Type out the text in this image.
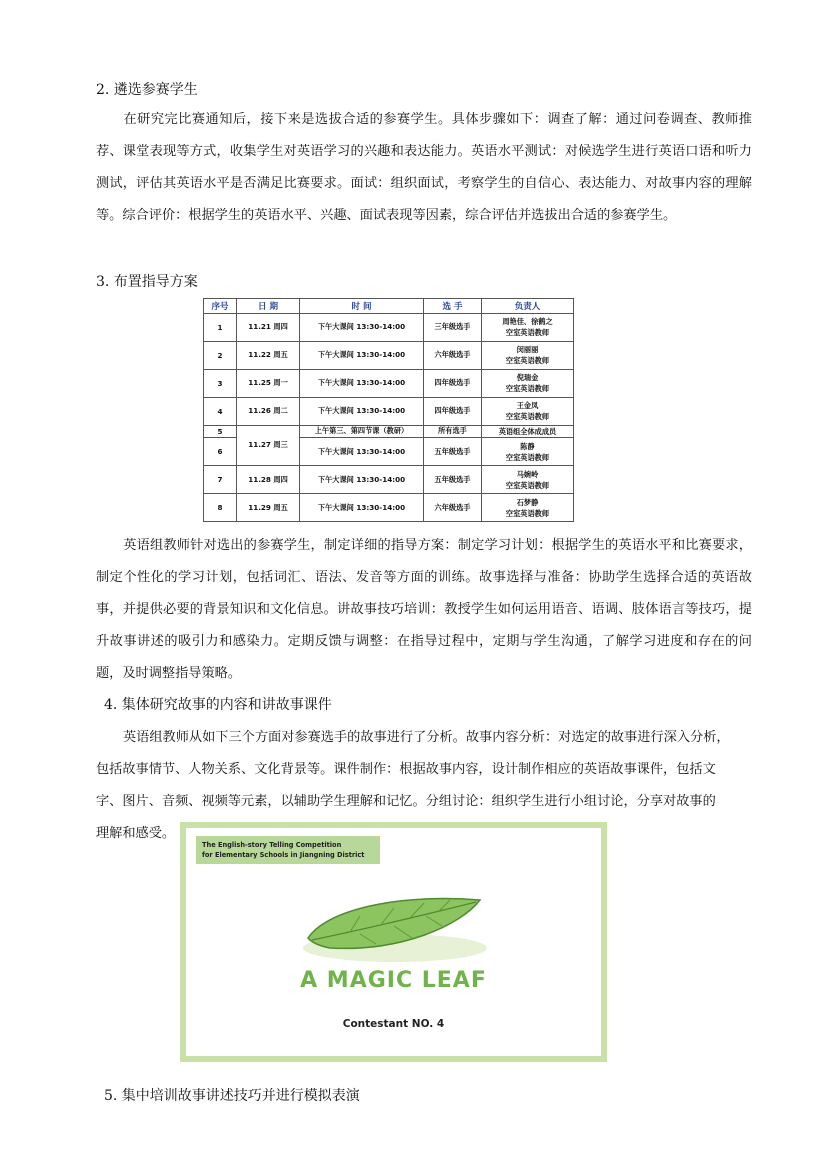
2. 遴选参赛学生

在研究完比赛通知后，接下来是选拔合适的参赛学生。具体步骤如下：调查了解：通过问卷调查、教师推荐、课堂表现等方式，收集学生对英语学习的兴趣和表达能力。英语水平测试：对候选学生进行英语口语和听力测试，评估其英语水平是否满足比赛要求。面试：组织面试，考察学生的自信心、表达能力、对故事内容的理解等。综合评价：根据学生的英语水平、兴趣、面试表现等因素，综合评估并选拔出合适的参赛学生。

3. 布置指导方案
序号	日 期	时 间	选 手	负责人
1	11.21 周四	下午大课间 13:30-14:00	三年级选手	周艳佳、徐鹤之
空室英语教师

2	11.22 周五	下午大课间 13:30-14:00	六年级选手	闵丽丽
空室英语教师

3	11.25 周一	下午大课间 13:30-14:00	四年级选手	倪瑞金
空室英语教师

4	11.26 周二	下午大课间 13:30-14:00	四年级选手	王金凤
空室英语教师

5	11.27 周三	上午第三、第四节课（教研）	所有选手	英语组全体成成员

6		下午大课间 13:30-14:00	五年级选手	陈静
空室英语教师

7	11.28 周四	下午大课间 13:30-14:00	五年级选手	马婉岭
空室英语教师

8	11.29 周五	下午大课间 13:30-14:00	六年级选手	石梦静
空室英语教师

英语组教师针对选出的参赛学生，制定详细的指导方案：制定学习计划：根据学生的英语水平和比赛要求，制定个性化的学习计划，包括词汇、语法、发音等方面的训练。故事选择与准备：协助学生选择合适的英语故事，并提供必要的背景知识和文化信息。讲故事技巧培训：教授学生如何运用语音、语调、肢体语言等技巧，提升故事讲述的吸引力和感染力。定期反馈与调整：在指导过程中，定期与学生沟通，了解学习进度和存在的问题，及时调整指导策略。

4. 集体研究故事的内容和讲故事课件
英语组教师从如下三个方面对参赛选手的故事进行了分析。故事内容分析：对选定的故事进行深入分析，
包括故事情节、人物关系、文化背景等。课件制作：根据故事内容，设计制作相应的英语故事课件，包括文
字、图片、音频、视频等元素，以辅助学生理解和记忆。分组讨论：组织学生进行小组讨论，分享对故事的
理解和感受。
The English-story Telling Competition
for Elementary Schools in Jiangning District
A MAGIC LEAF
Contestant NO. 4
5. 集中培训故事讲述技巧并进行模拟表演
